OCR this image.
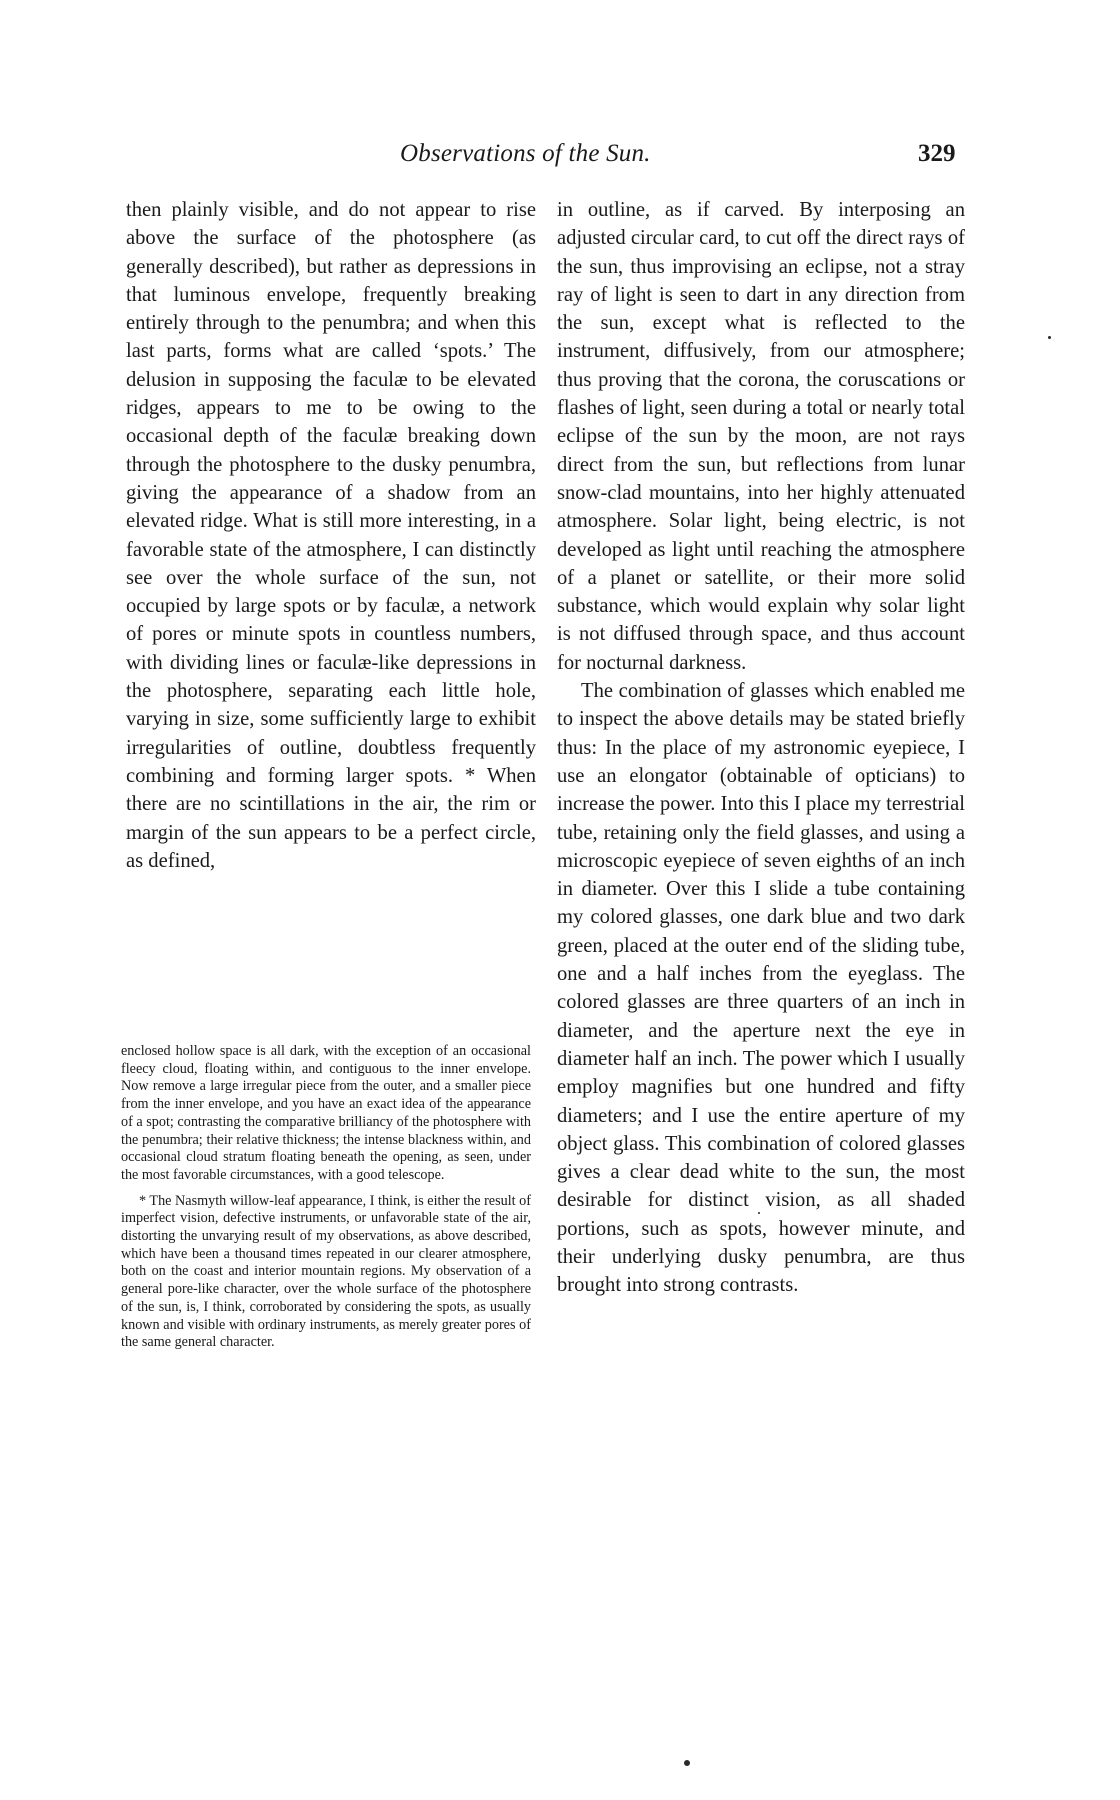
Observations of the Sun.	329

then plainly visible, and do not appear to rise above the surface of the photosphere (as generally described), but rather as depressions in that luminous envelope, frequently breaking entirely through to the penumbra; and when this last parts, forms what are called ‘spots.’ The delusion in supposing the faculæ to be elevated ridges, appears to me to be owing to the occasional depth of the faculæ breaking down through the photosphere to the dusky penumbra, giving the appearance of a shadow from an elevated ridge. What is still more interesting, in a favorable state of the atmosphere, I can distinctly see over the whole surface of the sun, not occupied by large spots or by faculæ, a network of pores or minute spots in countless numbers, with dividing lines or faculæ-like depressions in the photosphere, separating each little hole, varying in size, some sufficiently large to exhibit irregularities of outline, doubtless frequently combining and forming larger spots. * When there are no scintillations in the air, the rim or margin of the sun appears to be a perfect circle, as defined,

enclosed hollow space is all dark, with the exception of an occasional fleecy cloud, floating within, and contiguous to the inner envelope. Now remove a large irregular piece from the outer, and a smaller piece from the inner envelope, and you have an exact idea of the appearance of a spot; contrasting the comparative brilliancy of the photosphere with the penumbra; their relative thickness; the intense blackness within, and occasional cloud stratum floating beneath the opening, as seen, under the most favorable circumstances, with a good telescope.

* The Nasmyth willow-leaf appearance, I think, is either the result of imperfect vision, defective instruments, or unfavorable state of the air, distorting the unvarying result of my observations, as above described, which have been a thousand times repeated in our clearer atmosphere, both on the coast and interior mountain regions. My observation of a general pore-like character, over the whole surface of the photosphere of the sun, is, I think, corroborated by considering the spots, as usually known and visible with ordinary instruments, as merely greater pores of the same general character.

in outline, as if carved. By interposing an adjusted circular card, to cut off the direct rays of the sun, thus improvising an eclipse, not a stray ray of light is seen to dart in any direction from the sun, except what is reflected to the instrument, diffusively, from our atmosphere; thus proving that the corona, the coruscations or flashes of light, seen during a total or nearly total eclipse of the sun by the moon, are not rays direct from the sun, but reflections from lunar snow-clad mountains, into her highly attenuated atmosphere. Solar light, being electric, is not developed as light until reaching the atmosphere of a planet or satellite, or their more solid substance, which would explain why solar light is not diffused through space, and thus account for nocturnal darkness.

The combination of glasses which enabled me to inspect the above details may be stated briefly thus: In the place of my astronomic eyepiece, I use an elongator (obtainable of opticians) to increase the power. Into this I place my terrestrial tube, retaining only the field glasses, and using a microscopic eyepiece of seven eighths of an inch in diameter. Over this I slide a tube containing my colored glasses, one dark blue and two dark green, placed at the outer end of the sliding tube, one and a half inches from the eyeglass. The colored glasses are three quarters of an inch in diameter, and the aperture next the eye in diameter half an inch. The power which I usually employ magnifies but one hundred and fifty diameters; and I use the entire aperture of my object glass. This combination of colored glasses gives a clear dead white to the sun, the most desirable for distinct vision, as all shaded portions, such as spots, however minute, and their underlying dusky penumbra, are thus brought into strong contrasts.
